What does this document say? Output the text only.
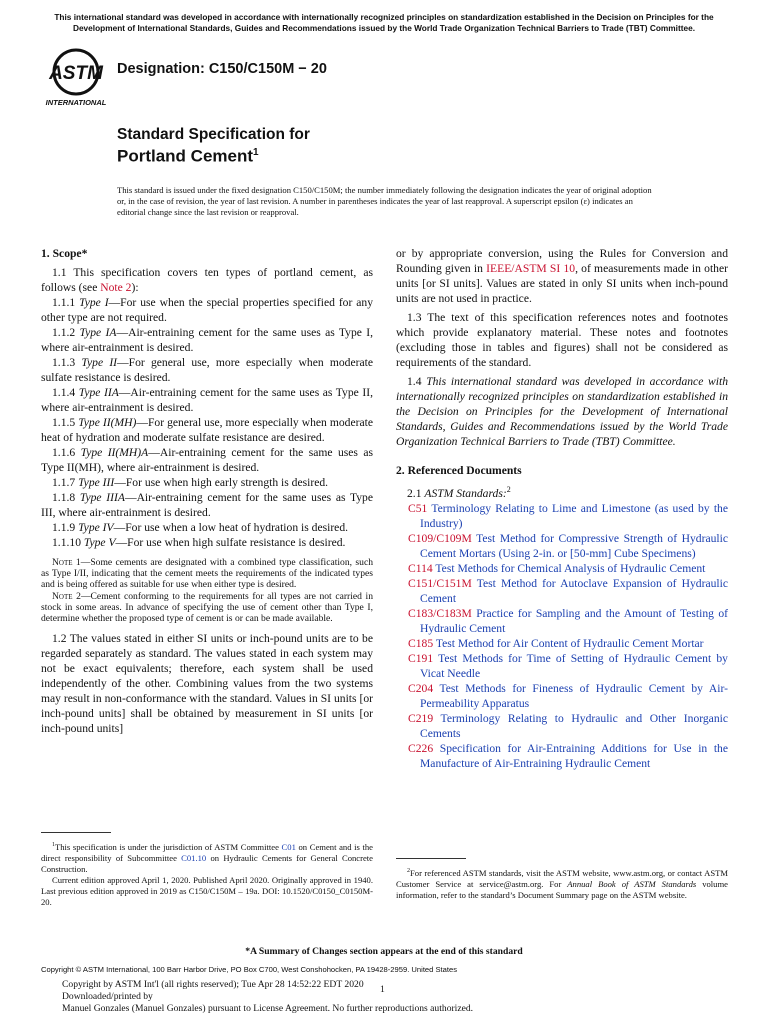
This international standard was developed in accordance with internationally recognized principles on standardization established in the Decision on Principles for the Development of International Standards, Guides and Recommendations issued by the World Trade Organization Technical Barriers to Trade (TBT) Committee.
ASTM
INTERNATIONAL
Designation: C150/C150M − 20
Standard Specification for
Portland Cement$^1$
This standard is issued under the fixed designation C150/C150M; the number immediately following the designation indicates the year of original adoption or, in the case of revision, the year of last revision. A number in parentheses indicates the year of last reapproval. A superscript epsilon (ε) indicates an editorial change since the last revision or reapproval.

1. Scope*

1.1 This specification covers ten types of portland cement, as follows (see Note 2):

1.1.1 Type I—For use when the special properties specified for any other type are not required.

1.1.2 Type IA—Air-entraining cement for the same uses as Type I, where air-entrainment is desired.

1.1.3 Type II—For general use, more especially when moderate sulfate resistance is desired.

1.1.4 Type IIA—Air-entraining cement for the same uses as Type II, where air-entrainment is desired.

1.1.5 Type II(MH)—For general use, more especially when moderate heat of hydration and moderate sulfate resistance are desired.

1.1.6 Type II(MH)A—Air-entraining cement for the same uses as Type II(MH), where air-entrainment is desired.

1.1.7 Type III—For use when high early strength is desired.

1.1.8 Type IIIA—Air-entraining cement for the same uses as Type III, where air-entrainment is desired.

1.1.9 Type IV—For use when a low heat of hydration is desired.

1.1.10 Type V—For use when high sulfate resistance is desired.

Note 1—Some cements are designated with a combined type classification, such as Type I/II, indicating that the cement meets the requirements of the indicated types and is being offered as suitable for use when either type is desired.

Note 2—Cement conforming to the requirements for all types are not carried in stock in some areas. In advance of specifying the use of cement other than Type I, determine whether the proposed type of cement is or can be made available.

1.2 The values stated in either SI units or inch-pound units are to be regarded separately as standard. The values stated in each system may not be exact equivalents; therefore, each system shall be used independently of the other. Combining values from the two systems may result in non-conformance with the standard. Values in SI units [or inch-pound units] shall be obtained by measurement in SI units [or inch-pound units]

or by appropriate conversion, using the Rules for Conversion and Rounding given in IEEE/ASTM SI 10, of measurements made in other units [or SI units]. Values are stated in only SI units when inch-pound units are not used in practice.

1.3 The text of this specification references notes and footnotes which provide explanatory material. These notes and footnotes (excluding those in tables and figures) shall not be considered as requirements of the standard.

1.4 This international standard was developed in accordance with internationally recognized principles on standardization established in the Decision on Principles for the Development of International Standards, Guides and Recommendations issued by the World Trade Organization Technical Barriers to Trade (TBT) Committee.

2. Referenced Documents

2.1 ASTM Standards:$^2$

C51 Terminology Relating to Lime and Limestone (as used by the Industry)

C109/C109M Test Method for Compressive Strength of Hydraulic Cement Mortars (Using 2-in. or [50-mm] Cube Specimens)

C114 Test Methods for Chemical Analysis of Hydraulic Cement

C151/C151M Test Method for Autoclave Expansion of Hydraulic Cement

C183/C183M Practice for Sampling and the Amount of Testing of Hydraulic Cement

C185 Test Method for Air Content of Hydraulic Cement Mortar

C191 Test Methods for Time of Setting of Hydraulic Cement by Vicat Needle

C204 Test Methods for Fineness of Hydraulic Cement by Air-Permeability Apparatus

C219 Terminology Relating to Hydraulic and Other Inorganic Cements

C226 Specification for Air-Entraining Additions for Use in the Manufacture of Air-Entraining Hydraulic Cement

$^1$This specification is under the jurisdiction of ASTM Committee C01 on Cement and is the direct responsibility of Subcommittee C01.10 on Hydraulic Cements for General Concrete Construction.
Current edition approved April 1, 2020. Published April 2020. Originally approved in 1940. Last previous edition approved in 2019 as C150/C150M – 19a. DOI: 10.1520/C0150_C0150M-20.
$^2$For referenced ASTM standards, visit the ASTM website, www.astm.org, or contact ASTM Customer Service at service@astm.org. For Annual Book of ASTM Standards volume information, refer to the standard’s Document Summary page on the ASTM website.
*A Summary of Changes section appears at the end of this standard
Copyright © ASTM International, 100 Barr Harbor Drive, PO Box C700, West Conshohocken, PA 19428-2959. United States
Copyright by ASTM Int'l (all rights reserved); Tue Apr 28 14:52:22 EDT 2020
Downloaded/printed by
Manuel Gonzales (Manuel Gonzales) pursuant to License Agreement. No further reproductions authorized.
1
